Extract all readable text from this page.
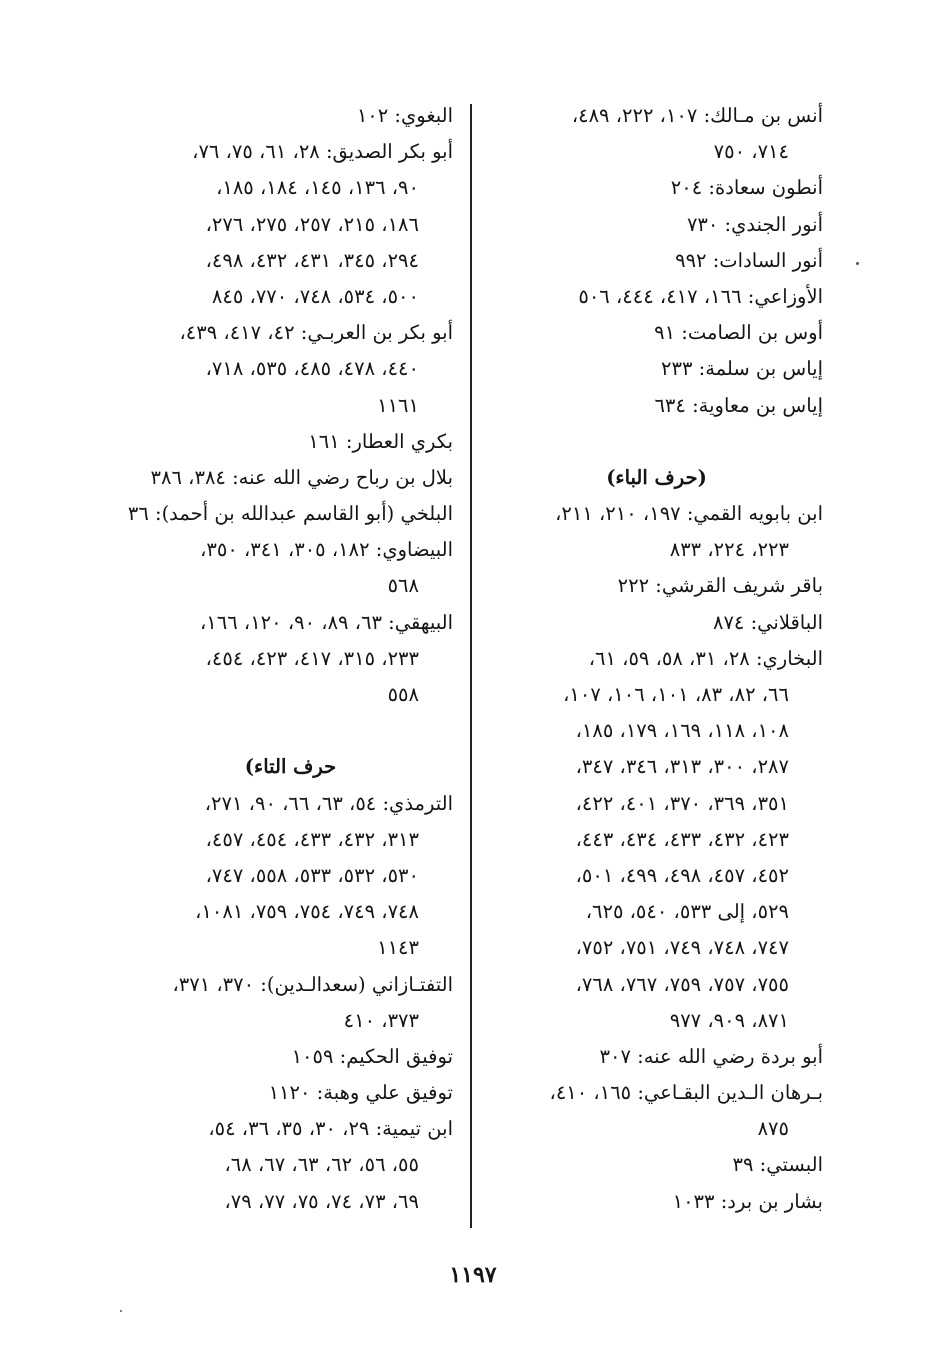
أنس بن مـالك: ١٠٧، ٢٢٢، ٤٨٩،
٧١٤، ٧٥٠
أنطون سعادة: ٢٠٤
أنور الجندي: ٧٣٠
أنور السادات: ٩٩٢
الأوزاعي: ١٦٦، ٤١٧، ٤٤٤، ٥٠٦
أوس بن الصامت: ٩١
إياس بن سلمة: ٢٣٣
إياس بن معاوية: ٦٣٤
(حرف الباء)
ابن بابويه القمي: ١٩٧، ٢١٠، ٢١١،
٢٢٣، ٢٢٤، ٨٣٣
باقر شريف القرشي: ٢٢٢
الباقلاني: ٨٧٤
البخاري: ٢٨، ٣١، ٥٨، ٥٩، ٦١،
٦٦، ٨٢، ٨٣، ١٠١، ١٠٦، ١٠٧،
١٠٨، ١١٨، ١٦٩، ١٧٩، ١٨٥،
٢٨٧، ٣٠٠، ٣١٣، ٣٤٦، ٣٤٧،
٣٥١، ٣٦٩، ٣٧٠، ٤٠١، ٤٢٢،
٤٢٣، ٤٣٢، ٤٣٣، ٤٣٤، ٤٤٣،
٤٥٢، ٤٥٧، ٤٩٨، ٤٩٩، ٥٠١،
٥٢٩، إلى ٥٣٣، ٥٤٠، ٦٢٥،
٧٤٧، ٧٤٨، ٧٤٩، ٧٥١، ٧٥٢،
٧٥٥، ٧٥٧، ٧٥٩، ٧٦٧، ٧٦٨،
٨٧١، ٩٠٩، ٩٧٧
أبو بردة رضي الله عنه: ٣٠٧
بـرهان الـدين البقـاعي: ١٦٥، ٤١٠،
٨٧٥
البستي: ٣٩
بشار بن برد: ١٠٣٣
البغوي: ١٠٢
أبو بكر الصديق: ٢٨، ٦١، ٧٥، ٧٦،
٩٠، ١٣٦، ١٤٥، ١٨٤، ١٨٥،
١٨٦، ٢١٥، ٢٥٧، ٢٧٥، ٢٧٦،
٢٩٤، ٣٤٥، ٤٣١، ٤٣٢، ٤٩٨،
٥٠٠، ٥٣٤، ٧٤٨، ٧٧٠، ٨٤٥
أبو بكر بن العربـي: ٤٢، ٤١٧، ٤٣٩،
٤٤٠، ٤٧٨، ٤٨٥، ٥٣٥، ٧١٨،
١١٦١
بكري العطار: ١٦١
بلال بن رباح رضي الله عنه: ٣٨٤، ٣٨٦
البلخي (أبو القاسم عبدالله بن أحمد): ٣٦
البيضاوي: ١٨٢، ٣٠٥، ٣٤١، ٣٥٠،
٥٦٨
البيهقي: ٦٣، ٨٩، ٩٠، ١٢٠، ١٦٦،
٢٣٣، ٣١٥، ٤١٧، ٤٢٣، ٤٥٤،
٥٥٨
حرف التاء)
الترمذي: ٥٤، ٦٣، ٦٦، ٩٠، ٢٧١،
٣١٣، ٤٣٢، ٤٣٣، ٤٥٤، ٤٥٧،
٥٣٠، ٥٣٢، ٥٣٣، ٥٥٨، ٧٤٧،
٧٤٨، ٧٤٩، ٧٥٤، ٧٥٩، ١٠٨١،
١١٤٣
التفتـازاني (سعدالـدين): ٣٧٠، ٣٧١،
٣٧٣، ٤١٠
توفيق الحكيم: ١٠٥٩
توفيق علي وهبة: ١١٢٠
ابن تيمية: ٢٩، ٣٠، ٣٥، ٣٦، ٥٤،
٥٥، ٥٦، ٦٢، ٦٣، ٦٧، ٦٨،
٦٩، ٧٣، ٧٤، ٧٥، ٧٧، ٧٩،
١١٩٧
